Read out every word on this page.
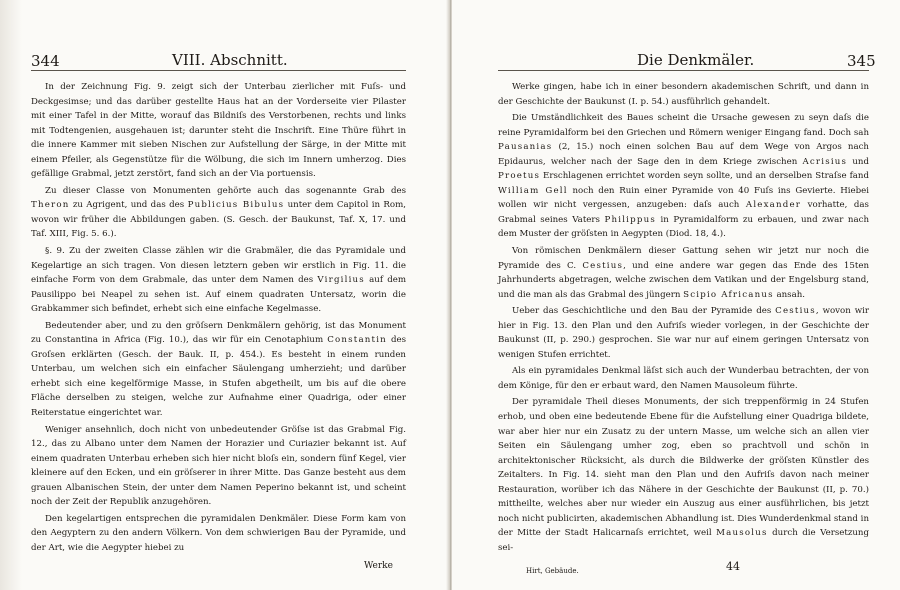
344	VIII. Abschnitt.

In der Zeichnung Fig. 9. zeigt sich der Unterbau zierlicher mit Fuſs- und Deckgesimse; und das darüber gestellte Haus hat an der Vorderseite vier Pilaster mit einer Tafel in der Mitte, worauf das Bildniſs des Verstorbenen, rechts und links mit Todtengenien, ausgehauen ist; darunter steht die Inschrift. Eine Thüre führt in die innere Kammer mit sieben Nischen zur Aufstellung der Särge, in der Mitte mit einem Pfeiler, als Gegenstütze für die Wölbung, die sich im Innern umherzog. Dies gefällige Grabmal, jetzt zerstört, fand sich an der Via portuensis.

Zu dieser Classe von Monumenten gehörte auch das sogenannte Grab des Theron zu Agrigent, und das des Publicius Bibulus unter dem Capitol in Rom, wovon wir früher die Abbildungen gaben. (S. Gesch. der Baukunst, Taf. X, 17. und Taf. XIII, Fig. 5. 6.).

§. 9. Zu der zweiten Classe zählen wir die Grabmäler, die das Pyramidale und Kegelartige an sich tragen. Von diesen letztern geben wir erstlich in Fig. 11. die einfache Form von dem Grabmale, das unter dem Namen des Virgilius auf dem Pausilippo bei Neapel zu sehen ist. Auf einem quadraten Untersatz, worin die Grabkammer sich befindet, erhebt sich eine einfache Kegelmasse.

Bedeutender aber, und zu den gröſsern Denkmälern gehörig, ist das Monument zu Constantina in Africa (Fig. 10.), das wir für ein Cenotaphium Constantin des Groſsen erklärten (Gesch. der Bauk. II, p. 454.). Es besteht in einem runden Unterbau, um welchen sich ein einfacher Säulengang umherzieht; und darüber erhebt sich eine kegelförmige Masse, in Stufen abgetheilt, um bis auf die obere Fläche derselben zu steigen, welche zur Aufnahme einer Quadriga, oder einer Reiterstatue eingerichtet war.

Weniger ansehnlich, doch nicht von unbedeutender Gröſse ist das Grabmal Fig. 12., das zu Albano unter dem Namen der Horazier und Curiazier bekannt ist. Auf einem quadraten Unterbau erheben sich hier nicht bloſs ein, sondern fünf Kegel, vier kleinere auf den Ecken, und ein gröſserer in ihrer Mitte. Das Ganze besteht aus dem grauen Albanischen Stein, der unter dem Namen Peperino bekannt ist, und scheint noch der Zeit der Republik anzugehören.

Den kegelartigen entsprechen die pyramidalen Denkmäler. Diese Form kam von den Aegyptern zu den andern Völkern. Von dem schwierigen Bau der Pyramide, und der Art, wie die Aegypter hiebei zu

Werke
Die Denkmäler.	345

Werke gingen, habe ich in einer besondern akademischen Schrift, und dann in der Geschichte der Baukunst (I. p. 54.) ausführlich gehandelt.

Die Umständlichkeit des Baues scheint die Ursache gewesen zu seyn daſs die reine Pyramidalform bei den Griechen und Römern weniger Eingang fand. Doch sah Pausanias (2, 15.) noch einen solchen Bau auf dem Wege von Argos nach Epidaurus, welcher nach der Sage den in dem Kriege zwischen Acrisius und Proetus Erschlagenen errichtet worden seyn sollte, und an derselben Straſse fand William Gell noch den Ruin einer Pyramide von 40 Fuſs ins Gevierte. Hiebei wollen wir nicht vergessen, anzugeben: daſs auch Alexander vorhatte, das Grabmal seines Vaters Philippus in Pyramidalform zu erbauen, und zwar nach dem Muster der gröſsten in Aegypten (Diod. 18, 4.).

Von römischen Denkmälern dieser Gattung sehen wir jetzt nur noch die Pyramide des C. Cestius, und eine andere war gegen das Ende des 15ten Jahrhunderts abgetragen, welche zwischen dem Vatikan und der Engelsburg stand, und die man als das Grabmal des jüngern Scipio Africanus ansah.

Ueber das Geschichtliche und den Bau der Pyramide des Cestius, wovon wir hier in Fig. 13. den Plan und den Aufriſs wieder vorlegen, in der Geschichte der Baukunst (II, p. 290.) gesprochen. Sie war nur auf einem geringen Untersatz von wenigen Stufen errichtet.

Als ein pyramidales Denkmal läſst sich auch der Wunderbau betrachten, der von dem Könige, für den er erbaut ward, den Namen Mausoleum führte.

Der pyramidale Theil dieses Monuments, der sich treppenförmig in 24 Stufen erhob, und oben eine bedeutende Ebene für die Aufstellung einer Quadriga bildete, war aber hier nur ein Zusatz zu der untern Masse, um welche sich an allen vier Seiten ein Säulengang umher zog, eben so prachtvoll und schön in architektonischer Rücksicht, als durch die Bildwerke der gröſsten Künstler des Zeitalters. In Fig. 14. sieht man den Plan und den Aufriſs davon nach meiner Restauration, worüber ich das Nähere in der Geschichte der Baukunst (II, p. 70.) mittheilte, welches aber nur wieder ein Auszug aus einer ausführlichen, bis jetzt noch nicht publicirten, akademischen Abhandlung ist. Dies Wunderdenkmal stand in der Mitte der Stadt Halicarnaſs errichtet, weil Mausolus durch die Versetzung sei-

Hirt, Gebäude.	44
